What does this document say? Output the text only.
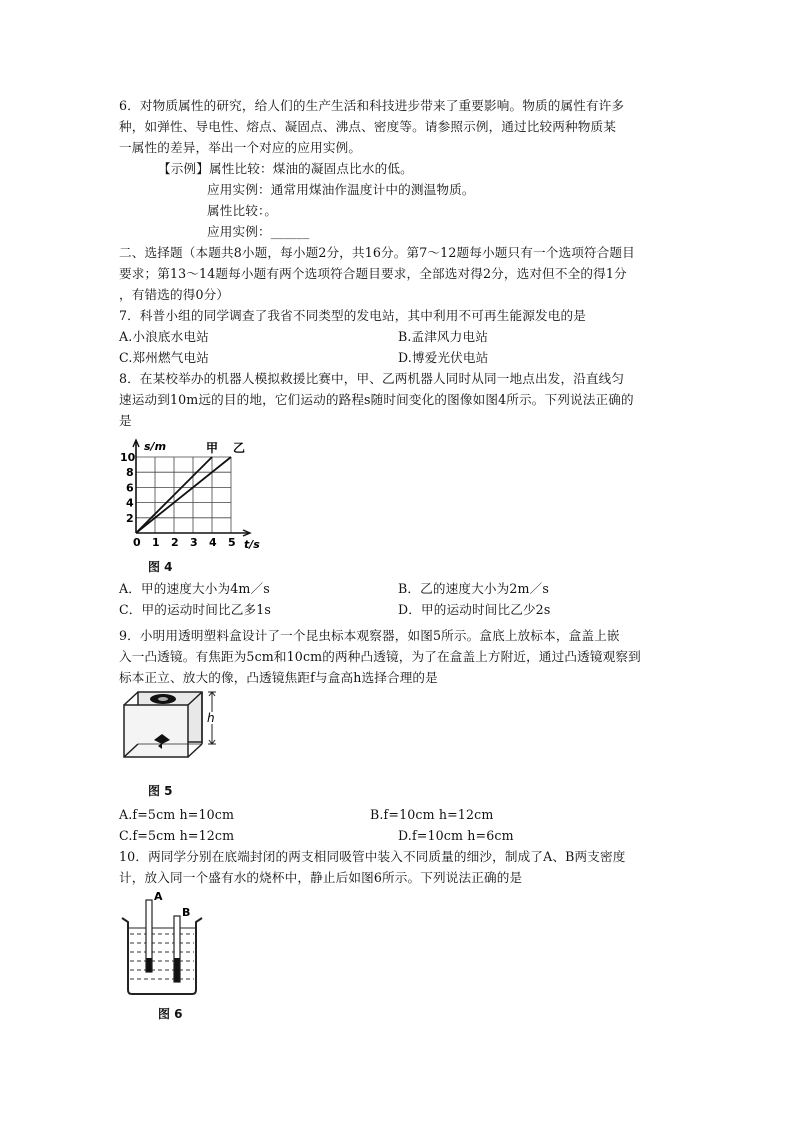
6．对物质属性的研究，给人们的生产生活和科技进步带来了重要影响。物质的属性有许多
种，如弹性、导电性、熔点、凝固点、沸点、密度等。请参照示例，通过比较两种物质某
一属性的差异，举出一个对应的应用实例。
【示例】属性比较：煤油的凝固点比水的低。
应用实例：通常用煤油作温度计中的测温物质。
属性比较：。
应用实例：______
二、选择题（本题共8小题，每小题2分，共16分。第7～12题每小题只有一个选项符合题目
要求；第13～14题每小题有两个选项符合题目要求，全部选对得2分，选对但不全的得1分
，有错选的得0分）
7．科普小组的同学调查了我省不同类型的发电站，其中利用不可再生能源发电的是
A.小浪底水电站	B.孟津风力电站
C.郑州燃气电站	D.博爱光伏电站
8．在某校举办的机器人模拟救援比赛中，甲、乙两机器人同时从同一地点出发，沿直线匀
速运动到10m远的目的地，它们运动的路程s随时间变化的图像如图4所示。下列说法正确的
是
0 1 2 3 4 5
2
4
6
8
10
s/m
t/s
甲 乙
图 4
A．甲的速度大小为4m／s	B．乙的速度大小为2m／s
C．甲的运动时间比乙多1s	D．甲的运动时间比乙少2s
9．小明用透明塑料盒设计了一个昆虫标本观察器，如图5所示。盒底上放标本，盒盖上嵌
入一凸透镜。有焦距为5cm和10cm的两种凸透镜，为了在盒盖上方附近，通过凸透镜观察到
标本正立、放大的像，凸透镜焦距f与盒高h选择合理的是
h
图 5
A.f=5cm h=10cm	B.f=10cm h=12cm
C.f=5cm h=12cm	D.f=10cm h=6cm
10．两同学分别在底端封闭的两支相同吸管中装入不同质量的细沙，制成了A、B两支密度
计，放入同一个盛有水的烧杯中，静止后如图6所示。下列说法正确的是
A
B
图 6
